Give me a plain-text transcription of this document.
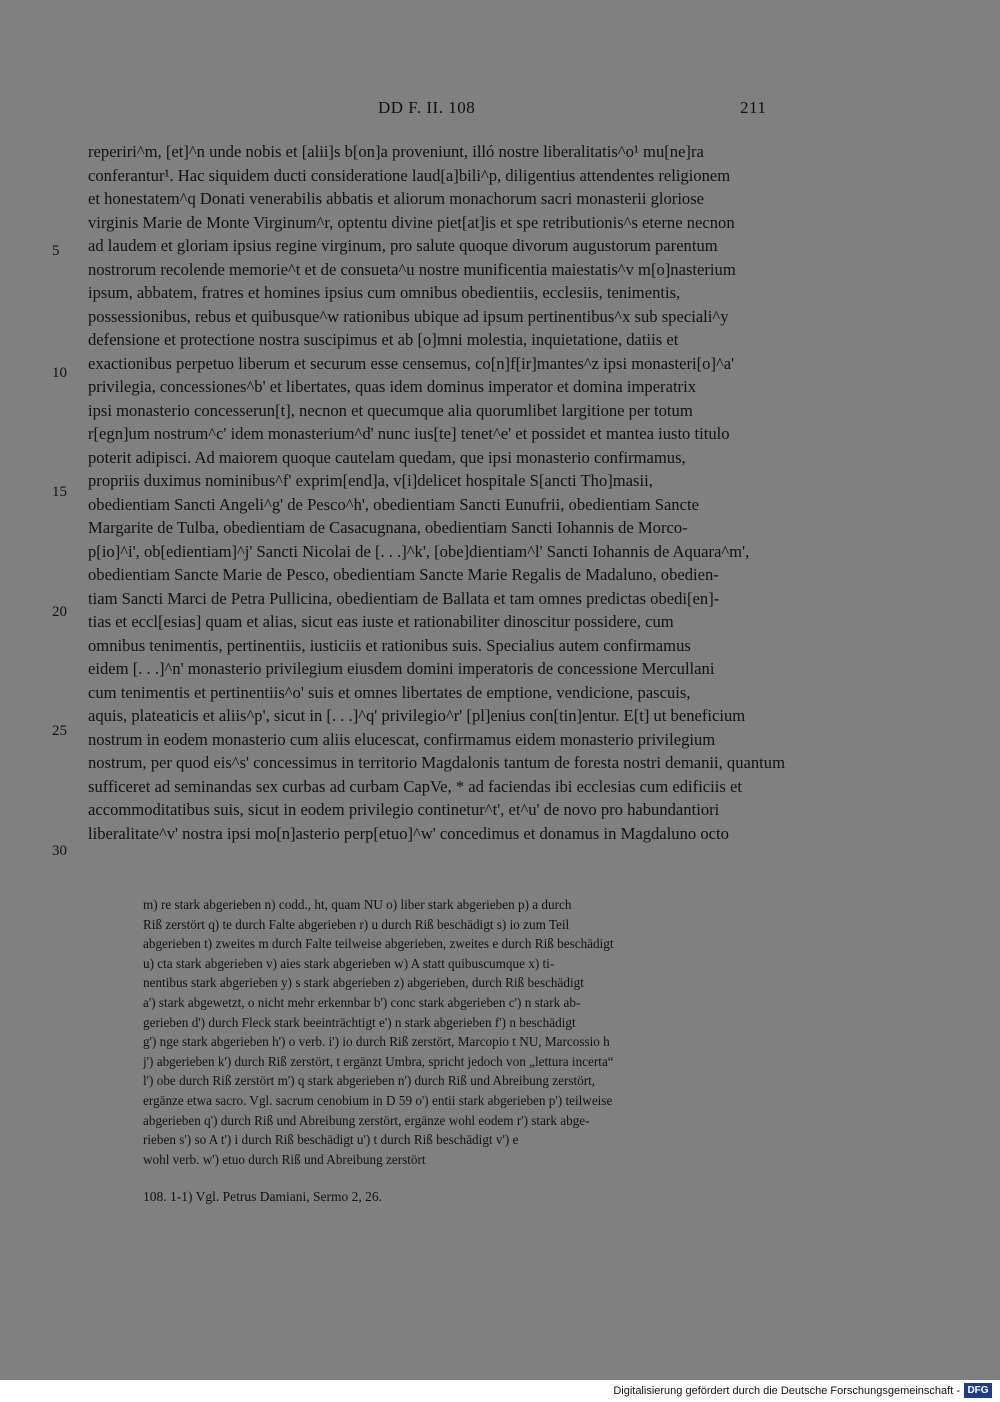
DD F. II. 108	211
5
10
15
20
25
30
reperiri^m, [et]^n unde nobis et [alii]s b[on]a proveniunt, illó nostre liberalitatis^o¹ mu[ne]ra
conferantur¹. Hac siquidem ducti consideratione laud[a]bili^p, diligentius attendentes religionem
et honestatem^q Donati venerabilis abbatis et aliorum monachorum sacri monasterii gloriose
virginis Marie de Monte Virginum^r, optentu divine piet[at]is et spe retributionis^s eterne necnon
ad laudem et gloriam ipsius regine virginum, pro salute quoque divorum augustorum parentum
nostrorum recolende memorie^t et de consueta^u nostre munificentia maiestatis^v m[o]nasterium
ipsum, abbatem, fratres et homines ipsius cum omnibus obedientiis, ecclesiis, tenimentis,
possessionibus, rebus et quibusque^w rationibus ubique ad ipsum pertinentibus^x sub speciali^y
defensione et protectione nostra suscipimus et ab [o]mni molestia, inquietatione, datiis et
exactionibus perpetuo liberum et securum esse censemus, co[n]f[ir]mantes^z ipsi monasteri[o]^a'
privilegia, concessiones^b' et libertates, quas idem dominus imperator et domina imperatrix
ipsi monasterio concesserun[t], necnon et quecumque alia quorumlibet largitione per totum
r[egn]um nostrum^c' idem monasterium^d' nunc ius[te] tenet^e' et possidet et mantea iusto titulo
poterit adipisci. Ad maiorem quoque cautelam quedam, que ipsi monasterio confirmamus,
propriis duximus nominibus^f' exprim[end]a, v[i]delicet hospitale S[ancti Tho]masii,
obedientiam Sancti Angeli^g' de Pesco^h', obedientiam Sancti Eunufrii, obedientiam Sancte
Margarite de Tulba, obedientiam de Casacugnana, obedientiam Sancti Iohannis de Morco-
p[io]^i', ob[edientiam]^j' Sancti Nicolai de [. . .]^k', [obe]dientiam^l' Sancti Iohannis de Aquara^m',
obedientiam Sancte Marie de Pesco, obedientiam Sancte Marie Regalis de Madaluno, obedien-
tiam Sancti Marci de Petra Pullicina, obedientiam de Ballata et tam omnes predictas obedi[en]-
tias et eccl[esias] quam et alias, sicut eas iuste et rationabiliter dinoscitur possidere, cum
omnibus tenimentis, pertinentiis, iusticiis et rationibus suis. Specialius autem confirmamus
eidem [. . .]^n' monasterio privilegium eiusdem domini imperatoris de concessione Mercullani
cum tenimentis et pertinentiis^o' suis et omnes libertates de emptione, vendicione, pascuis,
aquis, plateaticis et aliis^p', sicut in [. . .]^q' privilegio^r' [pl]enius con[tin]entur. E[t] ut beneficium
nostrum in eodem monasterio cum aliis elucescat, confirmamus eidem monasterio privilegium
nostrum, per quod eis^s' concessimus in territorio Magdalonis tantum de foresta nostri demanii, quantum
sufficeret ad seminandas sex curbas ad curbam CapVe, * ad faciendas ibi ecclesias cum edificiis et
accommoditatibus suis, sicut in eodem privilegio continetur^t', et^u' de novo pro habundantiori
liberalitate^v' nostra ipsi mo[n]asterio perp[etuo]^w' concedimus et donamus in Magdaluno octo
m) re stark abgerieben n) codd., ht, quam NU o) liber stark abgerieben p) a durch
Riß zerstört q) te durch Falte abgerieben r) u durch Riß beschädigt s) io zum Teil
abgerieben t) zweites m durch Falte teilweise abgerieben, zweites e durch Riß beschädigt
u) cta stark abgerieben v) aies stark abgerieben w) A statt quibuscumque x) ti-
nentibus stark abgerieben y) s stark abgerieben z) abgerieben, durch Riß beschädigt
a') stark abgewetzt, o nicht mehr erkennbar b') conc stark abgerieben c') n stark ab-
gerieben d') durch Fleck stark beeinträchtigt e') n stark abgerieben f') n beschädigt
g') nge stark abgerieben h') o verb. i') io durch Riß zerstört, Marcopio t NU, Marcossio h
j') abgerieben k') durch Riß zerstört, t ergänzt Umbra, spricht jedoch von „lettura incerta“
l') obe durch Riß zerstört m') q stark abgerieben n') durch Riß und Abreibung zerstört,
ergänze etwa sacro. Vgl. sacrum cenobium in D 59 o') entii stark abgerieben p') teilweise
abgerieben q') durch Riß und Abreibung zerstört, ergänze wohl eodem r') stark abge-
rieben s') so A t') i durch Riß beschädigt u') t durch Riß beschädigt v') e
wohl verb. w') etuo durch Riß und Abreibung zerstört
108. 1-1) Vgl. Petrus Damiani, Sermo 2, 26.
Digitalisierung gefördert durch die Deutsche Forschungsgemeinschaft - DFG
